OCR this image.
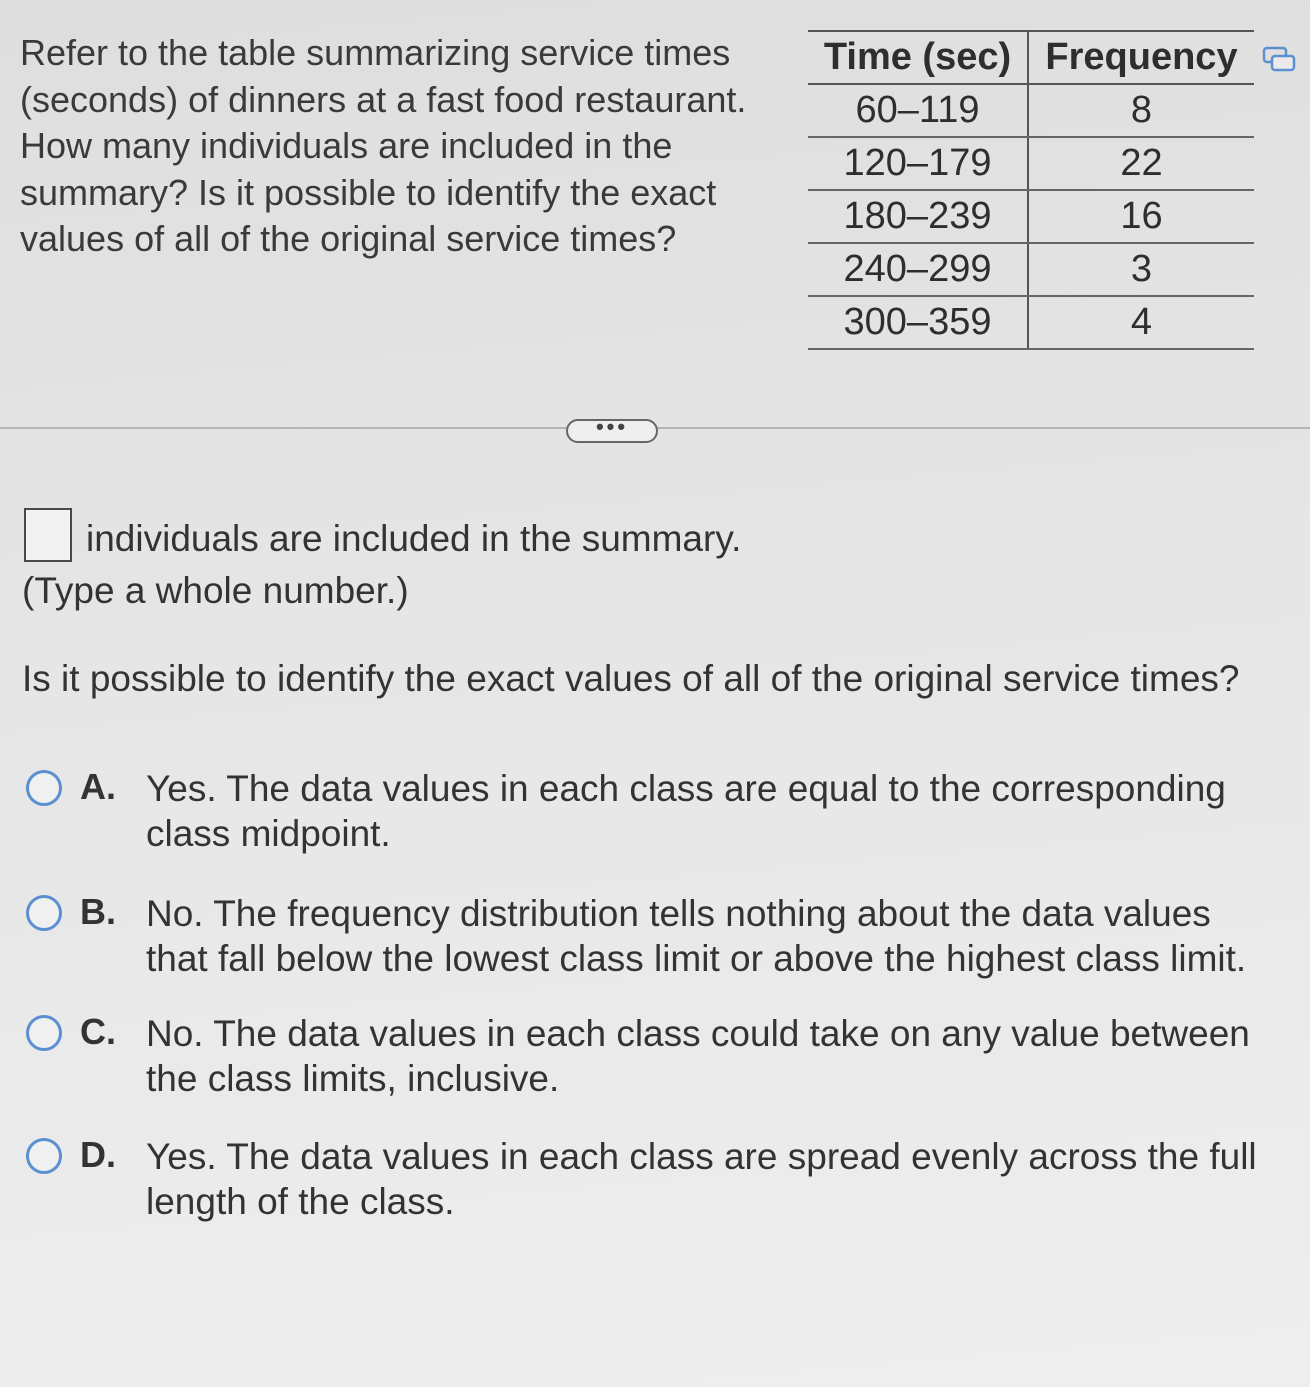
Refer to the table summarizing service times (seconds) of dinners at a fast food restaurant. How many individuals are included in the summary? Is it possible to identify the exact values of all of the original service times?
Time (sec)	Frequency
60–119	8
120–179	22
180–239	16
240–299	3
300–359	4
•••
individuals are included in the summary.
(Type a whole number.)
Is it possible to identify the exact values of all of the original service times?
A. Yes. The data values in each class are equal to the corresponding class midpoint.
B. No. The frequency distribution tells nothing about the data values that fall below the lowest class limit or above the highest class limit.
C. No. The data values in each class could take on any value between the class limits, inclusive.
D. Yes. The data values in each class are spread evenly across the full length of the class.
